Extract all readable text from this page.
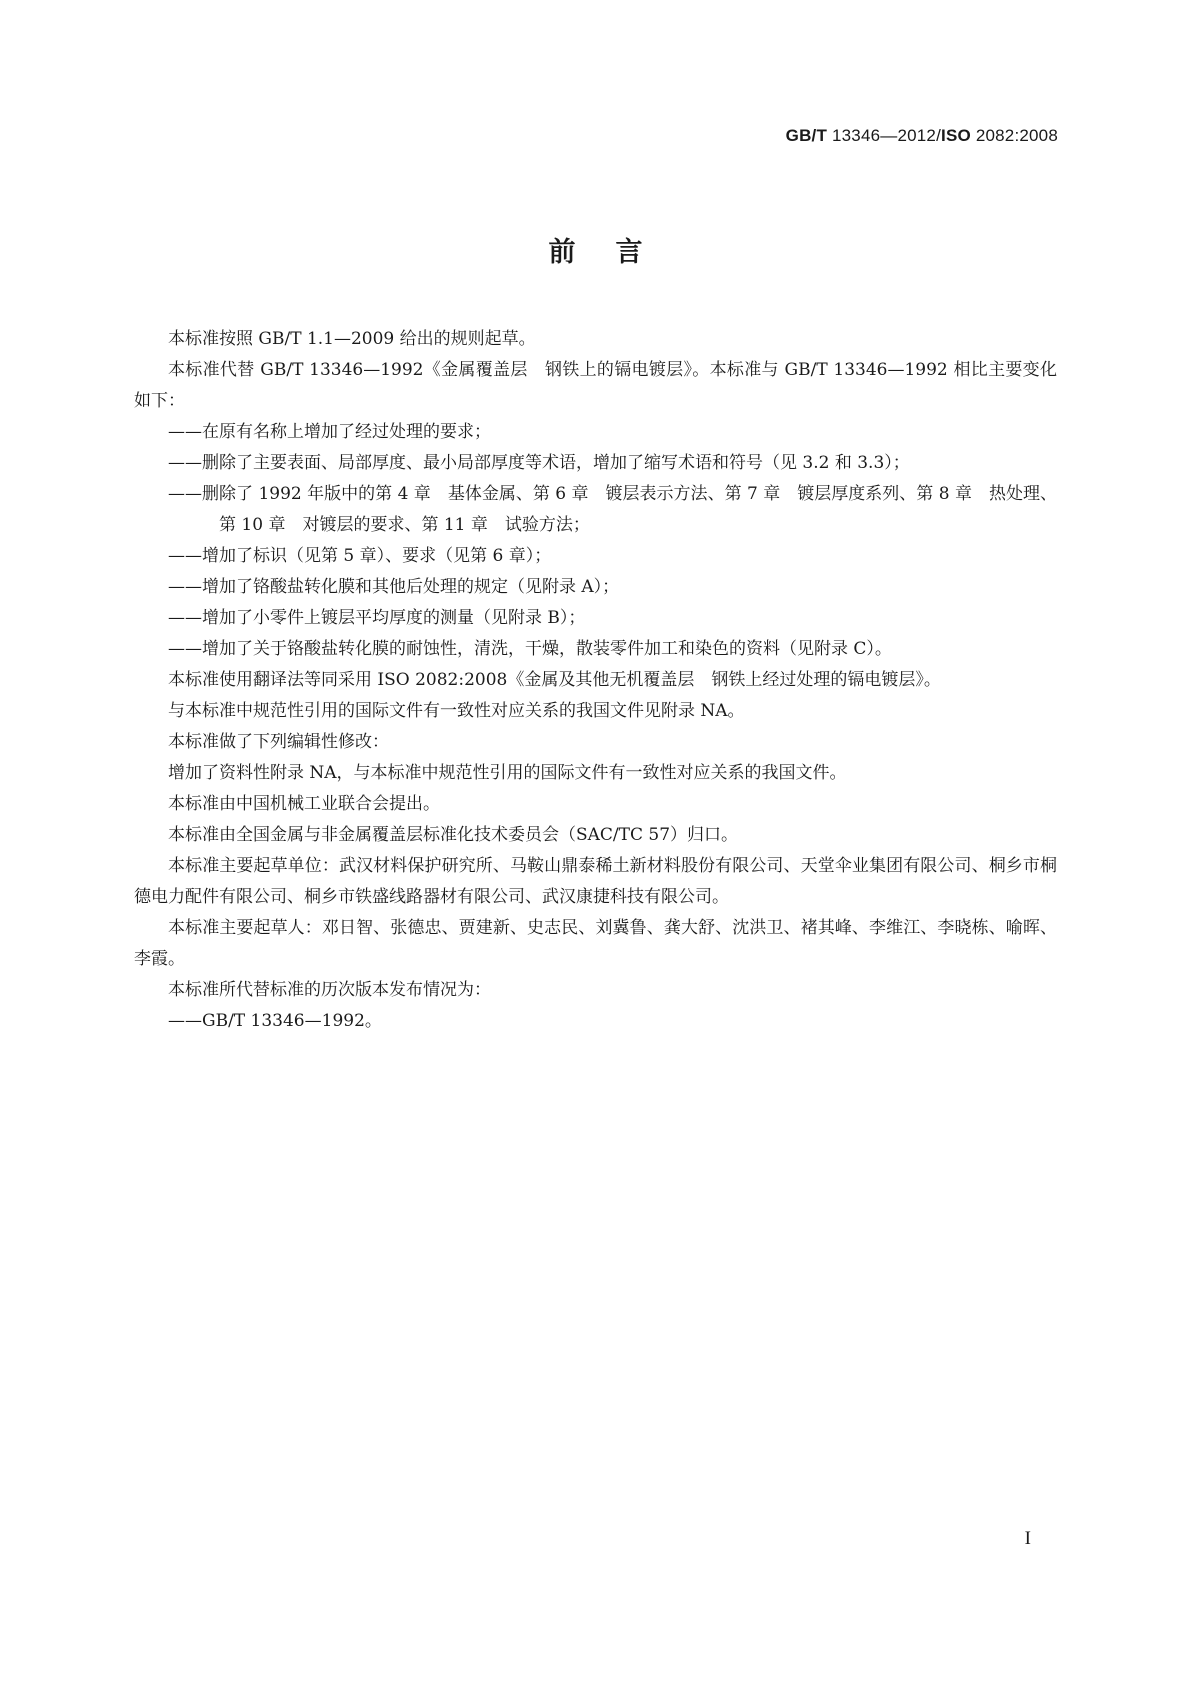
GB/T 13346—2012/ISO 2082:2008
前言

本标准按照 GB/T 1.1—2009 给出的规则起草。

本标准代替 GB/T 13346—1992《金属覆盖层　钢铁上的镉电镀层》。本标准与 GB/T 13346—1992 相比主要变化如下：

——在原有名称上增加了经过处理的要求；

——删除了主要表面、局部厚度、最小局部厚度等术语，增加了缩写术语和符号（见 3.2 和 3.3）；

——删除了 1992 年版中的第 4 章　基体金属、第 6 章　镀层表示方法、第 7 章　镀层厚度系列、第 8 章　热处理、第 10 章　对镀层的要求、第 11 章　试验方法；

——增加了标识（见第 5 章）、要求（见第 6 章）；

——增加了铬酸盐转化膜和其他后处理的规定（见附录 A）；

——增加了小零件上镀层平均厚度的测量（见附录 B）；

——增加了关于铬酸盐转化膜的耐蚀性，清洗，干燥，散装零件加工和染色的资料（见附录 C）。

本标准使用翻译法等同采用 ISO 2082:2008《金属及其他无机覆盖层　钢铁上经过处理的镉电镀层》。

与本标准中规范性引用的国际文件有一致性对应关系的我国文件见附录 NA。

本标准做了下列编辑性修改：

增加了资料性附录 NA，与本标准中规范性引用的国际文件有一致性对应关系的我国文件。

本标准由中国机械工业联合会提出。

本标准由全国金属与非金属覆盖层标准化技术委员会（SAC/TC 57）归口。

本标准主要起草单位：武汉材料保护研究所、马鞍山鼎泰稀土新材料股份有限公司、天堂伞业集团有限公司、桐乡市桐德电力配件有限公司、桐乡市铁盛线路器材有限公司、武汉康捷科技有限公司。

本标准主要起草人：邓日智、张德忠、贾建新、史志民、刘冀鲁、龚大舒、沈洪卫、褚其峰、李维江、李晓栋、喻晖、李霞。

本标准所代替标准的历次版本发布情况为：

——GB/T 13346—1992。

I
